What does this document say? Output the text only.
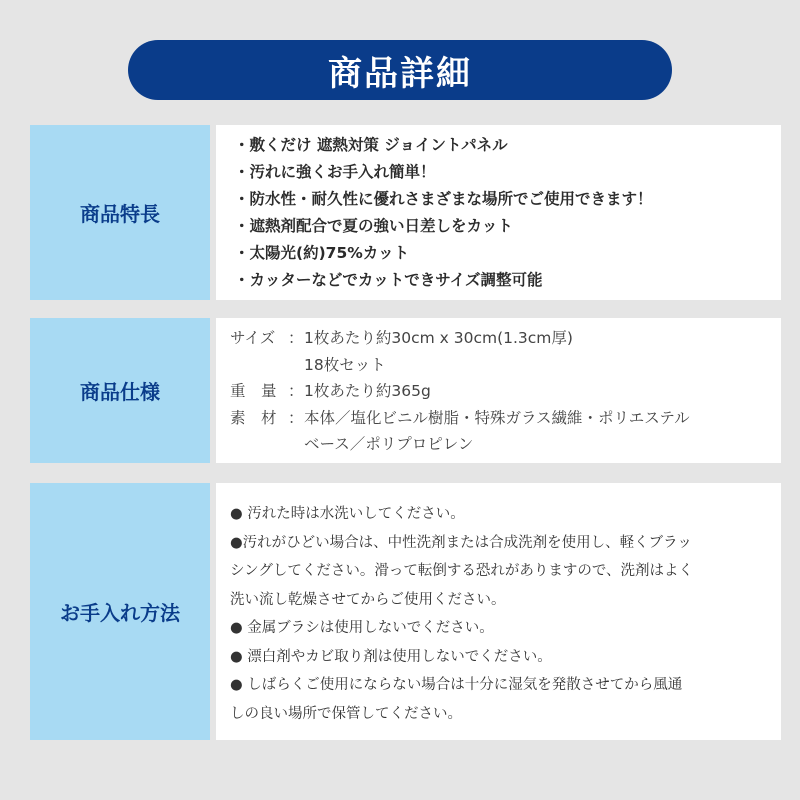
商品詳細
商品特長
・敷くだけ 遮熱対策 ジョイントパネル
・汚れに強くお手入れ簡単！
・防水性・耐久性に優れさまざまな場所でご使用できます！
・遮熱剤配合で夏の強い日差しをカット
・太陽光(約)75%カット
・カッターなどでカットできサイズ調整可能
商品仕様
サイズ ： 1枚あたり約30cm x 30cm(1.3cm厚)
18枚セット
重　量 ： 1枚あたり約365g
素　材 ： 本体／塩化ビニル樹脂・特殊ガラス繊維・ポリエステル
ベース／ポリプロピレン
お手入れ方法
● 汚れた時は水洗いしてください。
●汚れがひどい場合は、中性洗剤または合成洗剤を使用し、軽くブラッ
シングしてください。滑って転倒する恐れがありますので、洗剤はよく
洗い流し乾燥させてからご使用ください。
● 金属ブラシは使用しないでください。
● 漂白剤やカビ取り剤は使用しないでください。
● しばらくご使用にならない場合は十分に湿気を発散させてから風通
しの良い場所で保管してください。
